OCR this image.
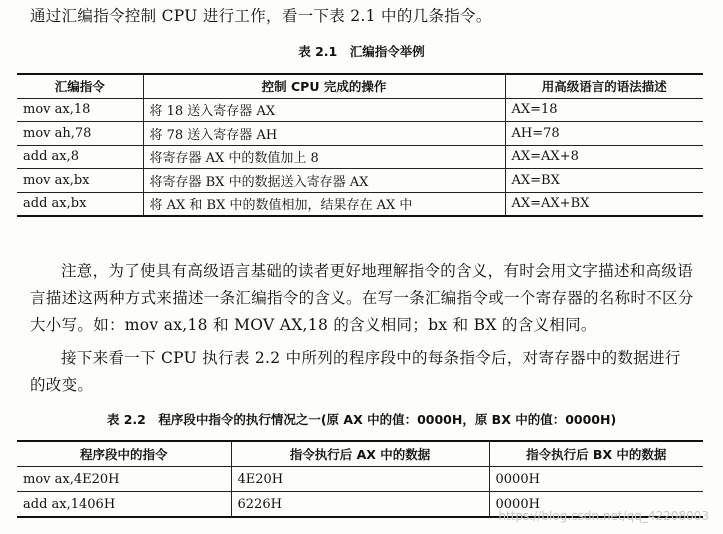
通过汇编指令控制 CPU 进行工作，看一下表 2.1 中的几条指令。
表 2.1　汇编指令举例
汇编指令	控制 CPU 完成的操作	用高级语言的语法描述
mov ax,18	将 18 送入寄存器 AX	AX=18
mov ah,78	将 78 送入寄存器 AH	AH=78
add ax,8	将寄存器 AX 中的数值加上 8	AX=AX+8
mov ax,bx	将寄存器 BX 中的数据送入寄存器 AX	AX=BX
add ax,bx	将 AX 和 BX 中的数值相加，结果存在 AX 中	AX=AX+BX
注意，为了使具有高级语言基础的读者更好地理解指令的含义，有时会用文字描述和高级语言描述这两种方式来描述一条汇编指令的含义。在写一条汇编指令或一个寄存器的名称时不区分大小写。如：mov ax,18 和 MOV AX,18 的含义相同；bx 和 BX 的含义相同。
接下来看一下 CPU 执行表 2.2 中所列的程序段中的每条指令后，对寄存器中的数据进行的改变。
表 2.2　程序段中指令的执行情况之一(原 AX 中的值：0000H，原 BX 中的值：0000H)
程序段中的指令	指令执行后 AX 中的数据	指令执行后 BX 中的数据
mov ax,4E20H	4E20H	0000H
add ax,1406H	6226H	0000H
https://blog.csdn.net/qq_42208003
